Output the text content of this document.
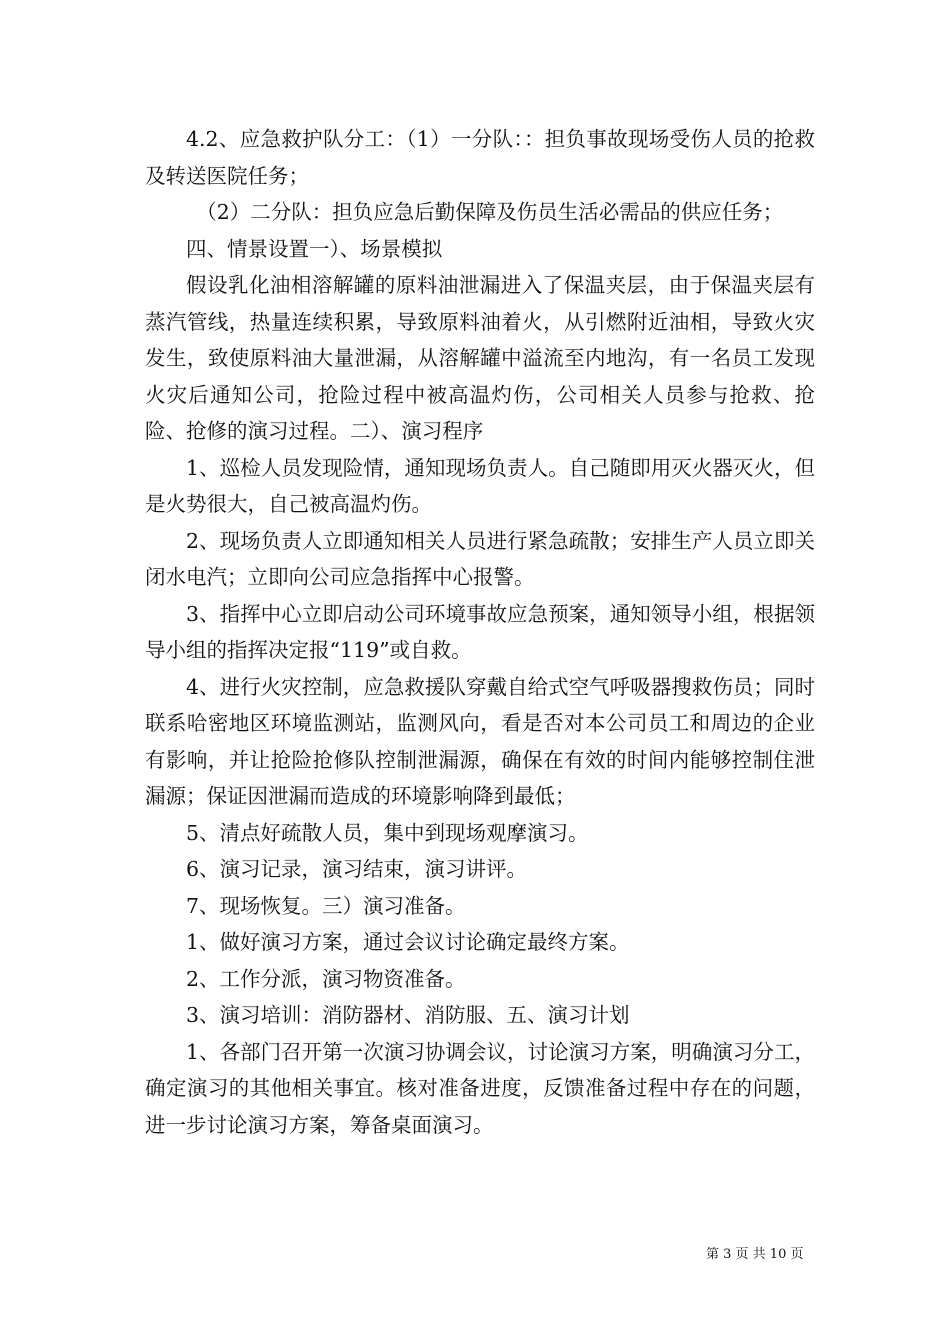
4.2、应急救护队分工：（1）一分队：：担负事故现场受伤人员的抢救及转送医院任务；

（2）二分队：担负应急后勤保障及伤员生活必需品的供应任务；

四、情景设置一）、场景模拟

假设乳化油相溶解罐的原料油泄漏进入了保温夹层，由于保温夹层有蒸汽管线，热量连续积累，导致原料油着火，从引燃附近油相，导致火灾发生，致使原料油大量泄漏，从溶解罐中溢流至内地沟，有一名员工发现火灾后通知公司，抢险过程中被高温灼伤，公司相关人员参与抢救、抢险、抢修的演习过程。二）、演习程序

1、巡检人员发现险情，通知现场负责人。自己随即用灭火器灭火，但是火势很大，自己被高温灼伤。

2、现场负责人立即通知相关人员进行紧急疏散；安排生产人员立即关闭水电汽；立即向公司应急指挥中心报警。

3、指挥中心立即启动公司环境事故应急预案，通知领导小组，根据领导小组的指挥决定报“119”或自救。

4、进行火灾控制，应急救援队穿戴自给式空气呼吸器搜救伤员；同时联系哈密地区环境监测站，监测风向，看是否对本公司员工和周边的企业有影响，并让抢险抢修队控制泄漏源，确保在有效的时间内能够控制住泄漏源；保证因泄漏而造成的环境影响降到最低；

5、清点好疏散人员，集中到现场观摩演习。

6、演习记录，演习结束，演习讲评。

7、现场恢复。三）演习准备。

1、做好演习方案，通过会议讨论确定最终方案。

2、工作分派，演习物资准备。

3、演习培训：消防器材、消防服、五、演习计划

1、各部门召开第一次演习协调会议，讨论演习方案，明确演习分工，确定演习的其他相关事宜。核对准备进度，反馈准备过程中存在的问题，进一步讨论演习方案，筹备桌面演习。

第 3 页 共 10 页
